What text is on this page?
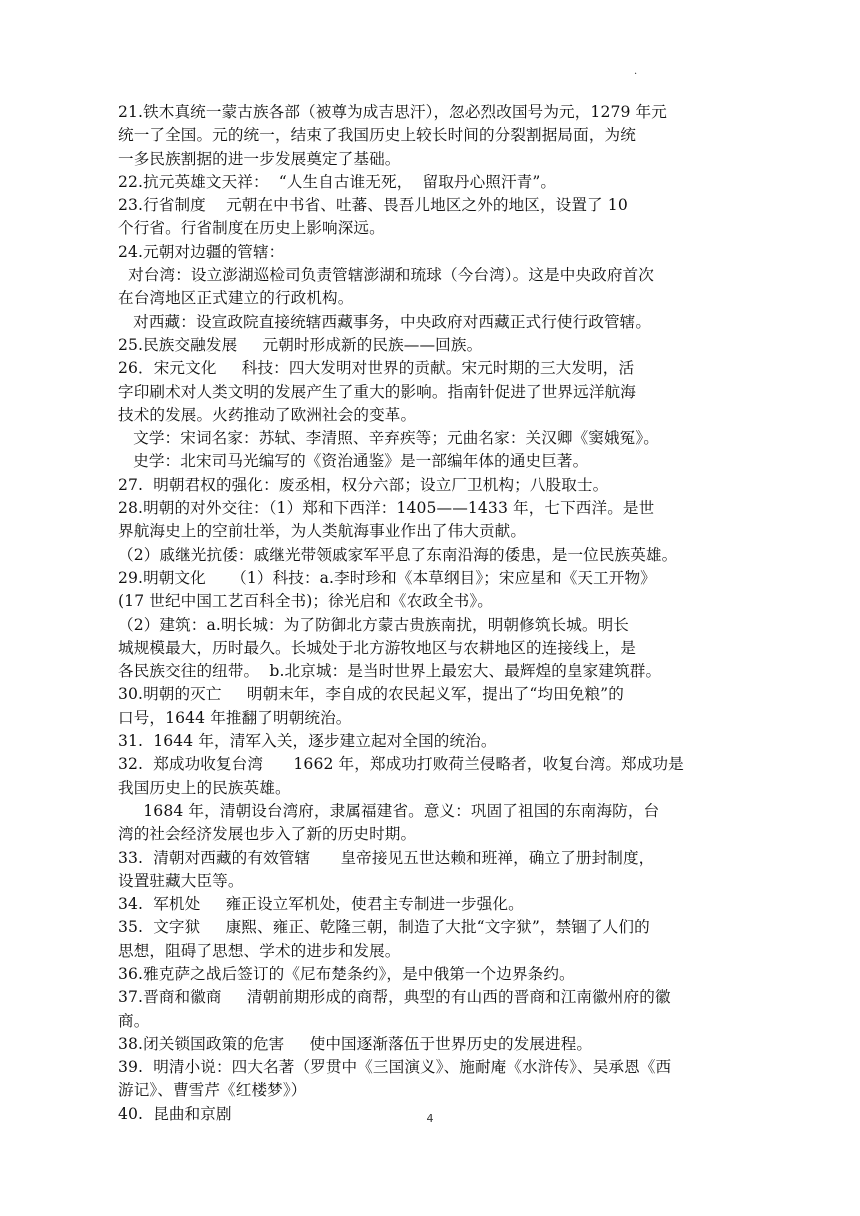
.
21.铁木真统一蒙古族各部（被尊为成吉思汗），忽必烈改国号为元，1279 年元
统一了全国。元的统一，结束了我国历史上较长时间的分裂割据局面，为统
一多民族割据的进一步发展奠定了基础。
22.抗元英雄文天祥：  “人生自古谁无死，  留取丹心照汗青”。
23.行省制度    元朝在中书省、吐蕃、畏吾儿地区之外的地区，设置了 10
个行省。行省制度在历史上影响深远。
24.元朝对边疆的管辖：
对台湾：设立澎湖巡检司负责管辖澎湖和琉球（今台湾）。这是中央政府首次
在台湾地区正式建立的行政机构。
对西藏：设宣政院直接统辖西藏事务，中央政府对西藏正式行使行政管辖。
25.民族交融发展     元朝时形成新的民族——回族。
26．宋元文化     科技：四大发明对世界的贡献。宋元时期的三大发明，活
字印刷术对人类文明的发展产生了重大的影响。指南针促进了世界远洋航海
技术的发展。火药推动了欧洲社会的变革。
文学：宋词名家：苏轼、李清照、辛弃疾等；元曲名家：关汉卿《窦娥冤》。
史学：北宋司马光编写的《资治通鉴》是一部编年体的通史巨著。
27.  明朝君权的强化：废丞相，权分六部；设立厂卫机构；八股取士。
28.明朝的对外交往：（1）郑和下西洋：1405——1433 年，七下西洋。是世
界航海史上的空前壮举，为人类航海事业作出了伟大贡献。
（2）戚继光抗倭：戚继光带领戚家军平息了东南沿海的倭患，是一位民族英雄。
29.明朝文化     （1）科技：a.李时珍和《本草纲目》；宋应星和《天工开物》
(17 世纪中国工艺百科全书)；徐光启和《农政全书》。
（2）建筑：a.明长城：为了防御北方蒙古贵族南扰，明朝修筑长城。明长
城规模最大，历时最久。长城处于北方游牧地区与农耕地区的连接线上，是
各民族交往的纽带。  b.北京城：是当时世界上最宏大、最辉煌的皇家建筑群。
30.明朝的灭亡     明朝末年，李自成的农民起义军，提出了“均田免粮”的
口号，1644 年推翻了明朝统治。
31.  1644 年，清军入关，逐步建立起对全国的统治。
32.  郑成功收复台湾      1662 年，郑成功打败荷兰侵略者，收复台湾。郑成功是
我国历史上的民族英雄。
1684 年，清朝设台湾府，隶属福建省。意义：巩固了祖国的东南海防，台
湾的社会经济发展也步入了新的历史时期。
33.  清朝对西藏的有效管辖      皇帝接见五世达赖和班禅，确立了册封制度，
设置驻藏大臣等。
34.  军机处     雍正设立军机处，使君主专制进一步强化。
35.  文字狱     康熙、雍正、乾隆三朝，制造了大批“文字狱”，禁锢了人们的
思想，阻碍了思想、学术的进步和发展。
36.雅克萨之战后签订的《尼布楚条约》，是中俄第一个边界条约。
37.晋商和徽商     清朝前期形成的商帮，典型的有山西的晋商和江南徽州府的徽
商。
38.闭关锁国政策的危害     使中国逐渐落伍于世界历史的发展进程。
39.  明清小说：四大名著（罗贯中《三国演义》、施耐庵《水浒传》、吴承恩《西
游记》、曹雪芹《红楼梦》）
40.  昆曲和京剧	4
